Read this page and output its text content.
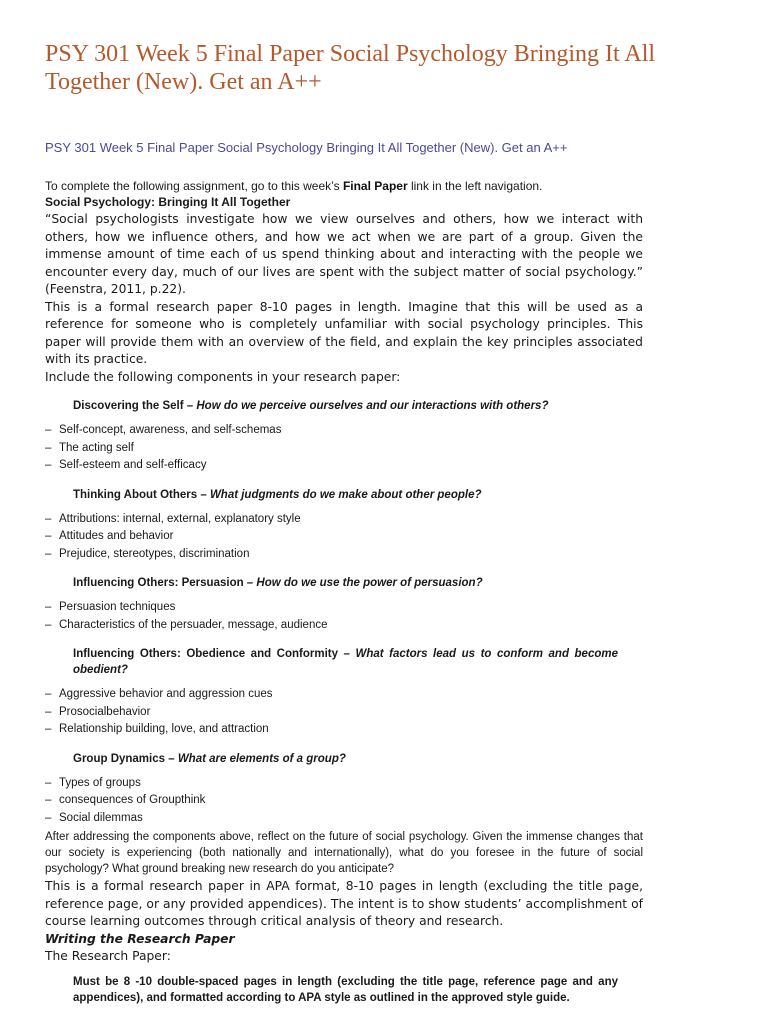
PSY 301 Week 5 Final Paper Social Psychology Bringing It All Together (New). Get an A++

PSY 301 Week 5 Final Paper Social Psychology Bringing It All Together (New). Get an A++

To complete the following assignment, go to this week’s Final Paper link in the left navigation.

Social Psychology: Bringing It All Together

“Social psychologists investigate how we view ourselves and others, how we interact with others, how we influence others, and how we act when we are part of a group. Given the immense amount of time each of us spend thinking about and interacting with the people we encounter every day, much of our lives are spent with the subject matter of social psychology.” (Feenstra, 2011, p.22).

This is a formal research paper 8-10 pages in length. Imagine that this will be used as a reference for someone who is completely unfamiliar with social psychology principles. This paper will provide them with an overview of the field, and explain the key principles associated with its practice.

Include the following components in your research paper:

Discovering the Self – How do we perceive ourselves and our interactions with others?

– Self-concept, awareness, and self-schemas
– The acting self
– Self-esteem and self-efficacy

Thinking About Others – What judgments do we make about other people?

– Attributions: internal, external, explanatory style
– Attitudes and behavior
– Prejudice, stereotypes, discrimination

Influencing Others: Persuasion – How do we use the power of persuasion?

– Persuasion techniques
– Characteristics of the persuader, message, audience

Influencing Others: Obedience and Conformity – What factors lead us to conform and become obedient?

– Aggressive behavior and aggression cues
– Prosocialbehavior
– Relationship building, love, and attraction

Group Dynamics – What are elements of a group?

– Types of groups
– consequences of Groupthink
– Social dilemmas

After addressing the components above, reflect on the future of social psychology. Given the immense changes that our society is experiencing (both nationally and internationally), what do you foresee in the future of social psychology? What ground breaking new research do you anticipate?

This is a formal research paper in APA format, 8-10 pages in length (excluding the title page, reference page, or any provided appendices). The intent is to show students’ accomplishment of course learning outcomes through critical analysis of theory and research.

Writing the Research Paper

The Research Paper:

Must be 8 -10 double-spaced pages in length (excluding the title page, reference page and any appendices), and formatted according to APA style as outlined in the approved style guide.
